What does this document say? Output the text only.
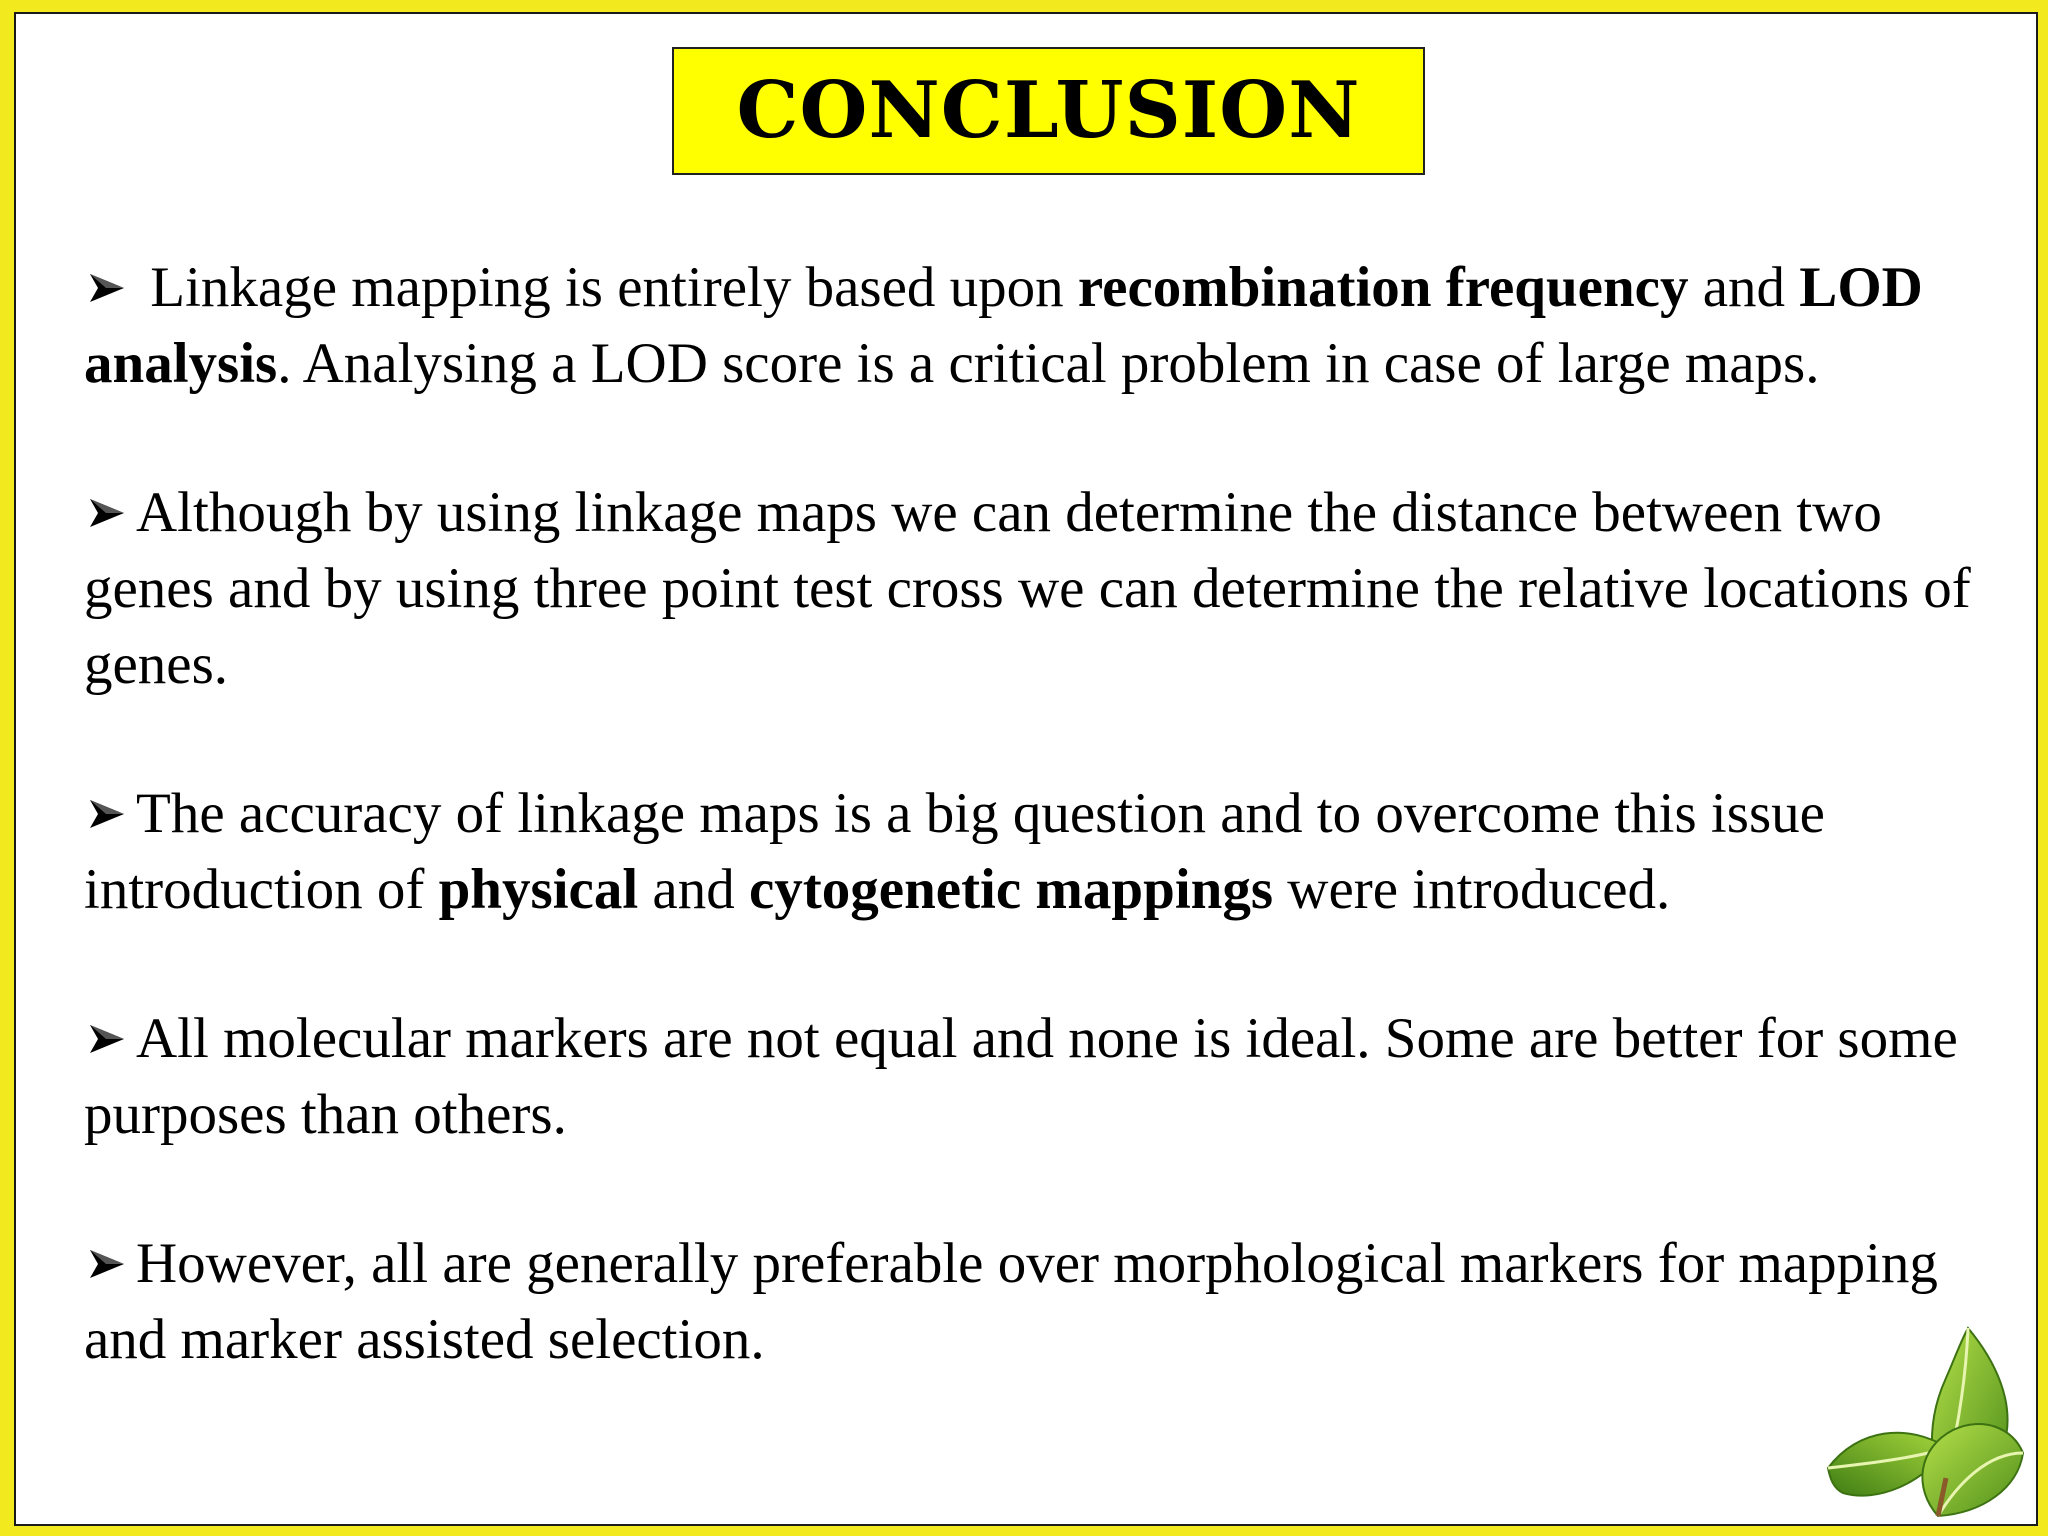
CONCLUSION

Linkage mapping is entirely based upon recombination frequency and LOD analysis. Analysing a LOD score is a critical problem in case of large maps.

Although by using linkage maps we can determine the distance between two genes and by using three point test cross we can determine the relative locations of genes.

The accuracy of linkage maps is a big question and to overcome this issue introduction of physical and cytogenetic mappings were introduced.

All molecular markers are not equal and none is ideal. Some are better for some purposes than others.

However, all are generally preferable over morphological markers for mapping and marker assisted selection.
